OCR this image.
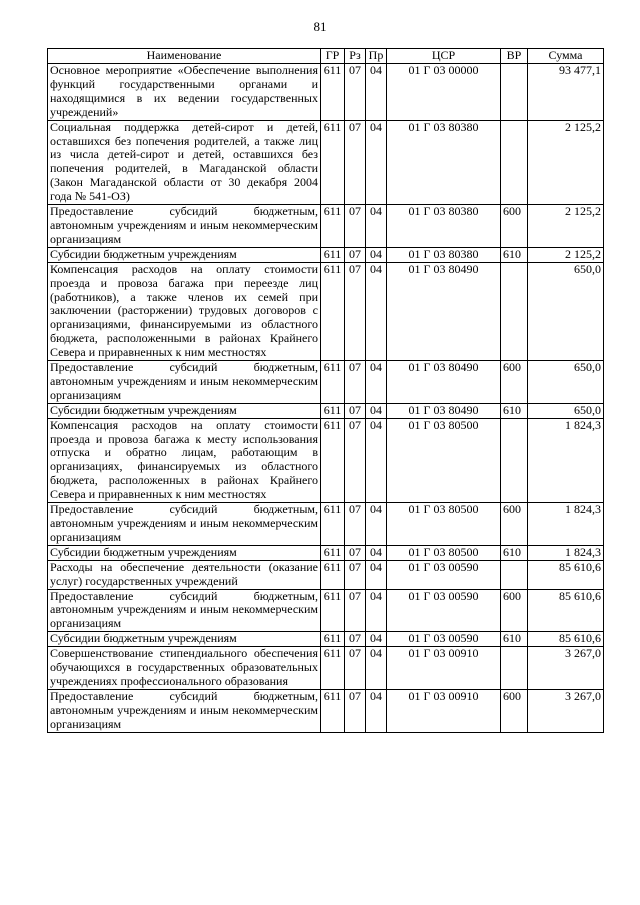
81
Наименование	ГР	Рз	Пр	ЦСР	ВР	Сумма
Основное мероприятие «Обеспечение выполнения функций государственными органами и находящимися в их ведении государственных учреждений»	611	07	04	01 Г 03 00000		93 477,1
Социальная поддержка детей-сирот и детей, оставшихся без попечения родителей, а также лиц из числа детей-сирот и детей, оставшихся без попечения родителей, в Магаданской области (Закон Магаданской области от 30 декабря 2004 года № 541-ОЗ)	611	07	04	01 Г 03 80380		2 125,2
Предоставление субсидий бюджетным, автономным учреждениям и иным некоммерческим организациям	611	07	04	01 Г 03 80380	600	2 125,2
Субсидии бюджетным учреждениям	611	07	04	01 Г 03 80380	610	2 125,2
Компенсация расходов на оплату стоимости проезда и провоза багажа при переезде лиц (работников), а также членов их семей при заключении (расторжении) трудовых договоров с организациями, финансируемыми из областного бюджета, расположенными в районах Крайнего Севера и приравненных к ним местностях	611	07	04	01 Г 03 80490		650,0
Предоставление субсидий бюджетным, автономным учреждениям и иным некоммерческим организациям	611	07	04	01 Г 03 80490	600	650,0
Субсидии бюджетным учреждениям	611	07	04	01 Г 03 80490	610	650,0
Компенсация расходов на оплату стоимости проезда и провоза багажа к месту использования отпуска и обратно лицам, работающим в организациях, финансируемых из областного бюджета, расположенных в районах Крайнего Севера и приравненных к ним местностях	611	07	04	01 Г 03 80500		1 824,3
Предоставление субсидий бюджетным, автономным учреждениям и иным некоммерческим организациям	611	07	04	01 Г 03 80500	600	1 824,3
Субсидии бюджетным учреждениям	611	07	04	01 Г 03 80500	610	1 824,3
Расходы на обеспечение деятельности (оказание услуг) государственных учреждений	611	07	04	01 Г 03 00590		85 610,6
Предоставление субсидий бюджетным, автономным учреждениям и иным некоммерческим организациям	611	07	04	01 Г 03 00590	600	85 610,6
Субсидии бюджетным учреждениям	611	07	04	01 Г 03 00590	610	85 610,6
Совершенствование стипендиального обеспечения обучающихся в государственных образовательных учреждениях профессионального образования	611	07	04	01 Г 03 00910		3 267,0
Предоставление субсидий бюджетным, автономным учреждениям и иным некоммерческим организациям	611	07	04	01 Г 03 00910	600	3 267,0
